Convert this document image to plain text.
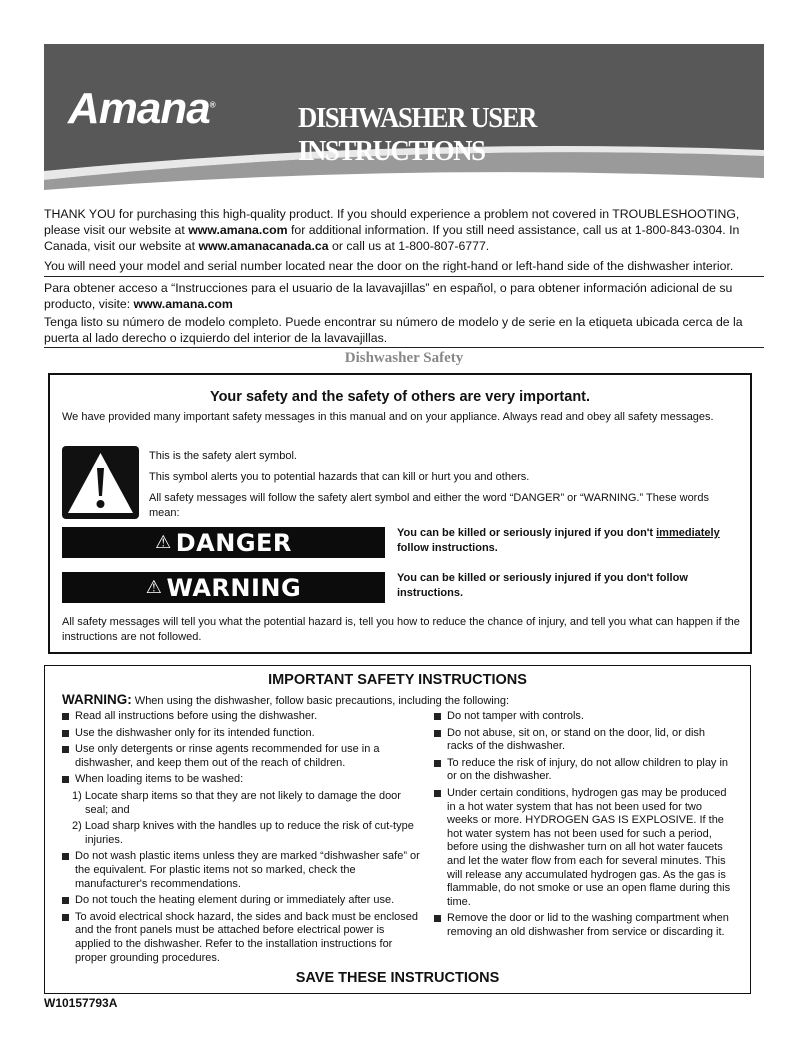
Amana®	DISHWASHER USER INSTRUCTIONS

THANK YOU for purchasing this high-quality product. If you should experience a problem not covered in TROUBLESHOOTING, please visit our website at www.amana.com for additional information. If you still need assistance, call us at 1-800-843-0304. In Canada, visit our website at www.amanacanada.ca or call us at 1-800-807-6777.

You will need your model and serial number located near the door on the right-hand or left-hand side of the dishwasher interior.

Para obtener acceso a “Instrucciones para el usuario de la lavavajillas” en español, o para obtener información adicional de su producto, visite: www.amana.com

Tenga listo su número de modelo completo. Puede encontrar su número de modelo y de serie en la etiqueta ubicada cerca de la puerta al lado derecho o izquierdo del interior de la lavavajillas.

Dishwasher Safety
Your safety and the safety of others are very important.
We have provided many important safety messages in this manual and on your appliance. Always read and obey all safety messages.
This is the safety alert symbol.
This symbol alerts you to potential hazards that can kill or hurt you and others.
All safety messages will follow the safety alert symbol and either the word “DANGER” or “WARNING.” These words mean:
⚠ DANGER	You can be killed or seriously injured if you don't immediately follow instructions.
⚠ WARNING	You can be killed or seriously injured if you don't follow instructions.
All safety messages will tell you what the potential hazard is, tell you how to reduce the chance of injury, and tell you what can happen if the instructions are not followed.
IMPORTANT SAFETY INSTRUCTIONS
WARNING: When using the dishwasher, follow basic precautions, including the following:
Read all instructions before using the dishwasher.
Use the dishwasher only for its intended function.
Use only detergents or rinse agents recommended for use in a dishwasher, and keep them out of the reach of children.
When loading items to be washed:
1) Locate sharp items so that they are not likely to damage the door seal; and
2) Load sharp knives with the handles up to reduce the risk of cut-type injuries.
Do not wash plastic items unless they are marked “dishwasher safe” or the equivalent. For plastic items not so marked, check the manufacturer's recommendations.
Do not touch the heating element during or immediately after use.
To avoid electrical shock hazard, the sides and back must be enclosed and the front panels must be attached before electrical power is applied to the dishwasher. Refer to the installation instructions for proper grounding procedures.
Do not tamper with controls.
Do not abuse, sit on, or stand on the door, lid, or dish racks of the dishwasher.
To reduce the risk of injury, do not allow children to play in or on the dishwasher.
Under certain conditions, hydrogen gas may be produced in a hot water system that has not been used for two weeks or more. HYDROGEN GAS IS EXPLOSIVE. If the hot water system has not been used for such a period, before using the dishwasher turn on all hot water faucets and let the water flow from each for several minutes. This will release any accumulated hydrogen gas. As the gas is flammable, do not smoke or use an open flame during this time.
Remove the door or lid to the washing compartment when removing an old dishwasher from service or discarding it.
SAVE THESE INSTRUCTIONS
W10157793A
